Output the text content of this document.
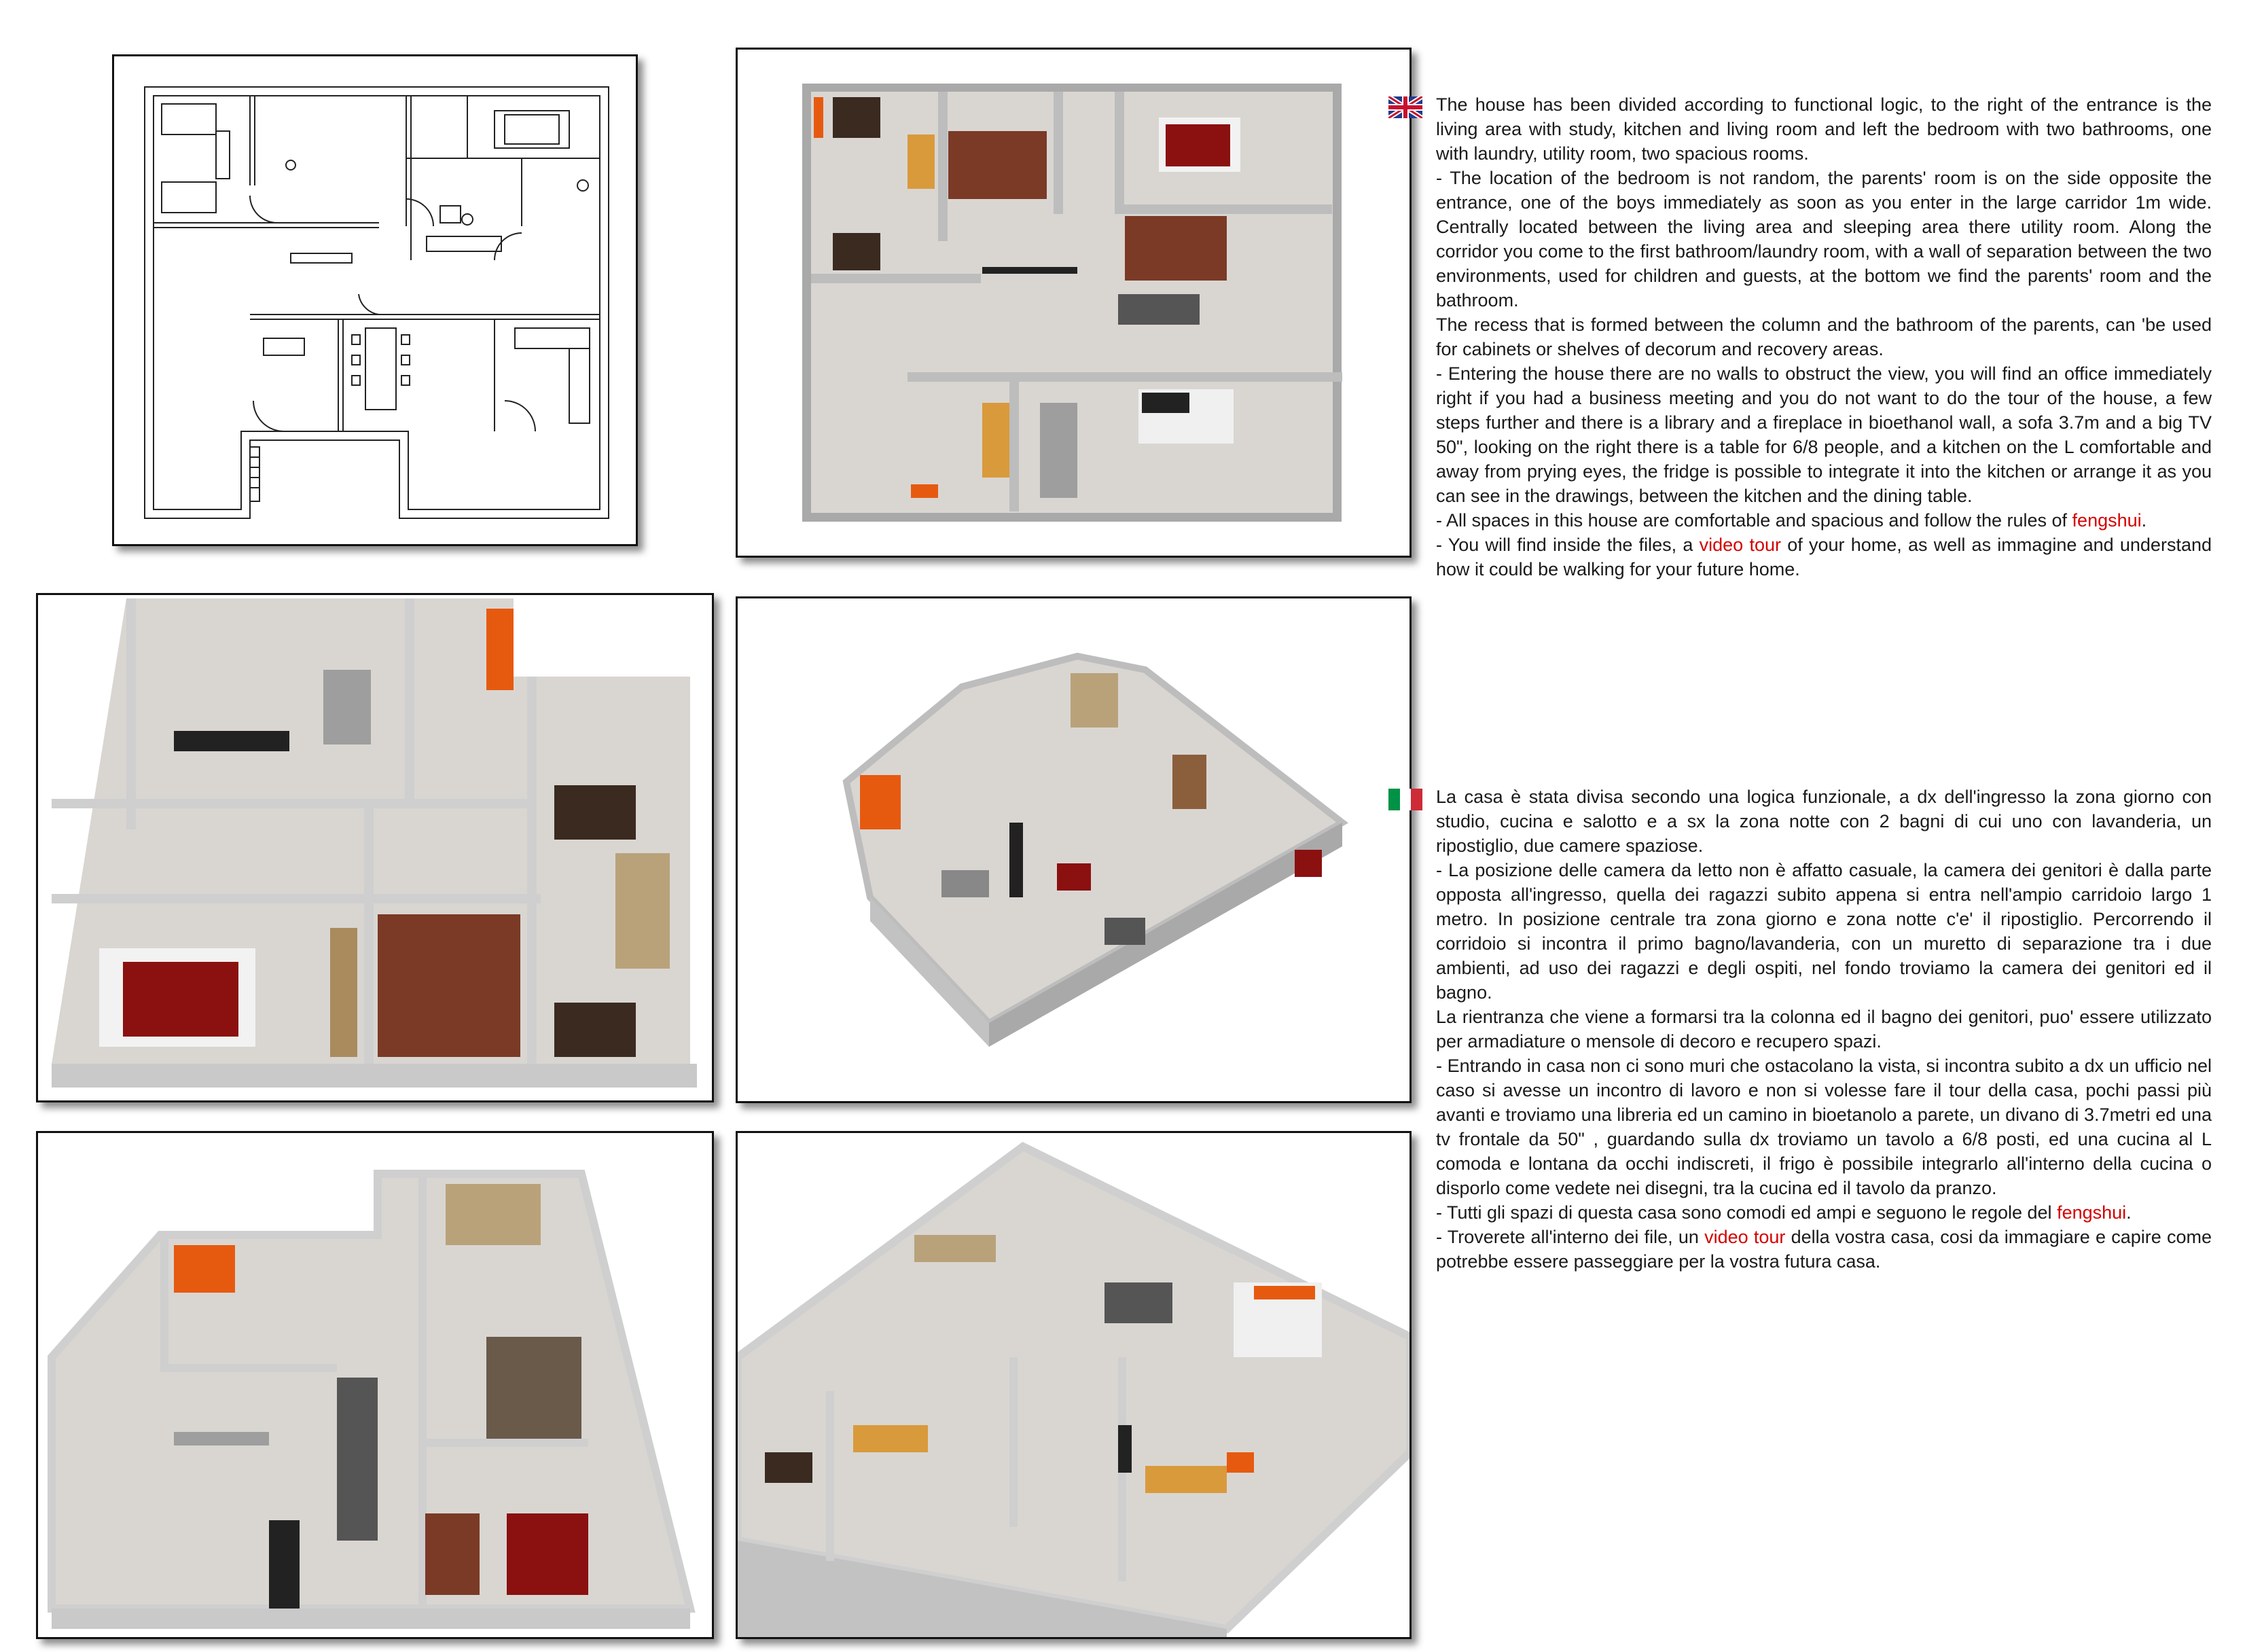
The house has been divided according to functional logic, to the right of the entrance is the living area with study, kitchen and living room and left the bedroom with two bathrooms, one with laundry, utility room, two spacious rooms.

- The location of the bedroom is not random, the parents' room is on the side opposite the entrance, one of the boys immediately as soon as you enter in the large carridor 1m wide. Centrally located between the living area and sleeping area there utility room. Along the corridor you come to the first bathroom/laundry room, with a wall of separation between the two environments, used for children and guests, at the bottom we find the parents' room and the bathroom.

The recess that is formed between the column and the bathroom of the parents, can 'be used for cabinets or shelves of decorum and recovery areas.

- Entering the house there are no walls to obstruct the view, you will find an office immediately right if you had a business meeting and you do not want to do the tour of the house, a few steps further and there is a library and a fireplace in bioethanol wall, a sofa 3.7m and a big TV 50", looking on the right there is a table for 6/8 people, and a kitchen on the L comfortable and away from prying eyes, the fridge is possible to integrate it into the kitchen or arrange it as you can see in the drawings, between the kitchen and the dining table.

- All spaces in this house are comfortable and spacious and follow the rules of fengshui.

- You will find inside the files, a video tour of your home, as well as immagine and understand how it could be walking for your future home.

La casa è stata divisa secondo una logica funzionale, a dx dell'ingresso la zona giorno con studio, cucina e salotto e a sx la zona notte con 2 bagni di cui uno con lavanderia, un ripostiglio, due camere spaziose.

- La posizione delle camera da letto non è affatto casuale, la camera dei genitori è dalla parte opposta all'ingresso, quella dei ragazzi subito appena si entra nell'ampio carridoio largo 1 metro. In posizione centrale tra zona giorno e zona notte c'e' il ripostiglio. Percorrendo il corridoio si incontra il primo bagno/lavanderia, con un muretto di separazione tra i due ambienti, ad uso dei ragazzi e degli ospiti, nel fondo troviamo la camera dei genitori ed il bagno.

La rientranza che viene a formarsi tra la colonna ed il bagno dei genitori, puo' essere utilizzato per armadiature o mensole di decoro e recupero spazi.

- Entrando in casa non ci sono muri che ostacolano la vista, si incontra subito a dx un ufficio nel caso si avesse un incontro di lavoro e non si volesse fare il tour della casa, pochi passi più avanti e troviamo una libreria ed un camino in bioetanolo a parete, un divano di 3.7metri ed una tv frontale da 50" , guardando sulla dx troviamo un tavolo a 6/8 posti, ed una cucina al L comoda e lontana da occhi indiscreti, il frigo è possibile integrarlo all'interno della cucina o disporlo come vedete nei disegni, tra la cucina ed il tavolo da pranzo.

- Tutti gli spazi di questa casa sono comodi ed ampi e seguono le regole del fengshui.

- Troverete all'interno dei file, un video tour della vostra casa, cosi da immagiare e capire come potrebbe essere passeggiare per la vostra futura casa.
